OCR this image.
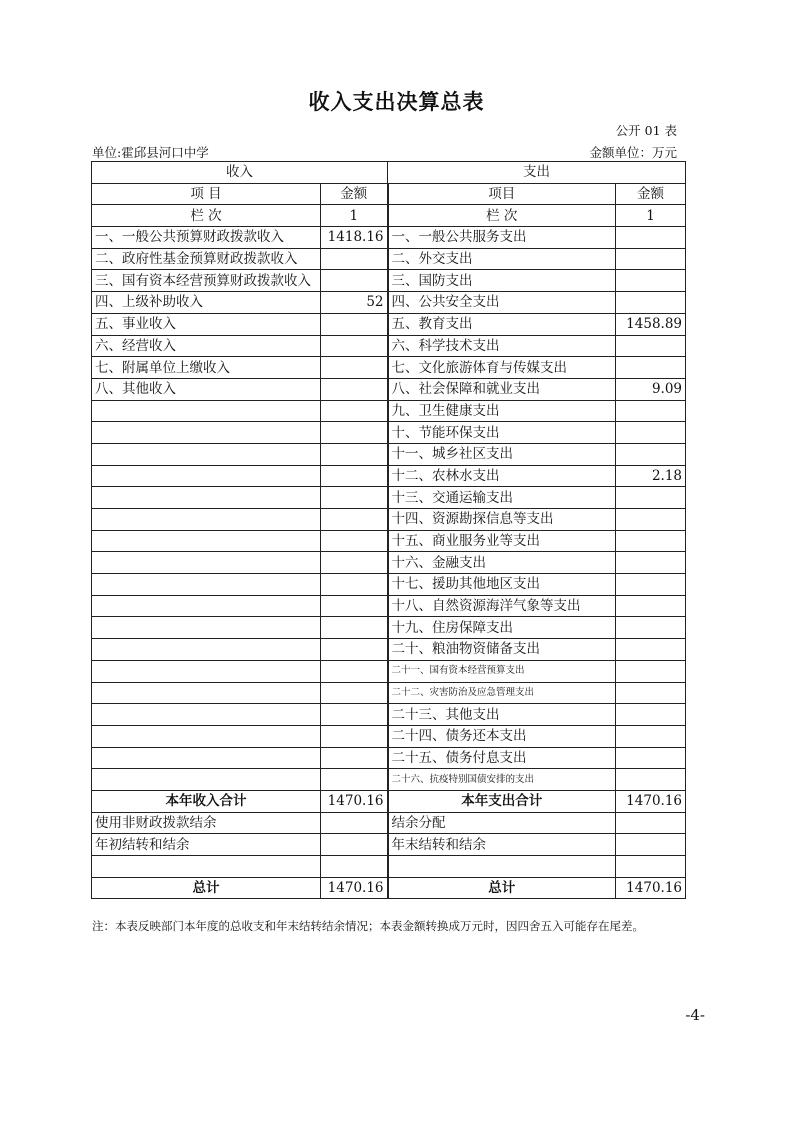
收入支出决算总表
公开 01 表
单位:霍邱县河口中学	金额单位：万元
收入		支出	
项 目	金额	项目	金额
栏 次	1	栏 次	1
一、一般公共预算财政拨款收入	1418.16	一、一般公共服务支出	
二、政府性基金预算财政拨款收入		二、外交支出	
三、国有资本经营预算财政拨款收入		三、国防支出	
四、上级补助收入	52	四、公共安全支出	
五、事业收入		五、教育支出	1458.89
六、经营收入		六、科学技术支出	
七、附属单位上缴收入		七、文化旅游体育与传媒支出	
八、其他收入		八、社会保障和就业支出	9.09
		九、卫生健康支出	
		十、节能环保支出	
		十一、城乡社区支出	
		十二、农林水支出	2.18
		十三、交通运输支出	
		十四、资源勘探信息等支出	
		十五、商业服务业等支出	
		十六、金融支出	
		十七、援助其他地区支出	
		十八、自然资源海洋气象等支出	
		十九、住房保障支出	
		二十、粮油物资储备支出	
		二十一、国有资本经营预算支出	
		二十二、灾害防治及应急管理支出	
		二十三、其他支出	
		二十四、债务还本支出	
		二十五、债务付息支出	
		二十六、抗疫特别国债安排的支出	
本年收入合计	1470.16	本年支出合计	1470.16
使用非财政拨款结余		结余分配	
年初结转和结余		年末结转和结余	

总计	1470.16	总计	1470.16
注：本表反映部门本年度的总收支和年末结转结余情况；本表金额转换成万元时，因四舍五入可能存在尾差。
-4-
